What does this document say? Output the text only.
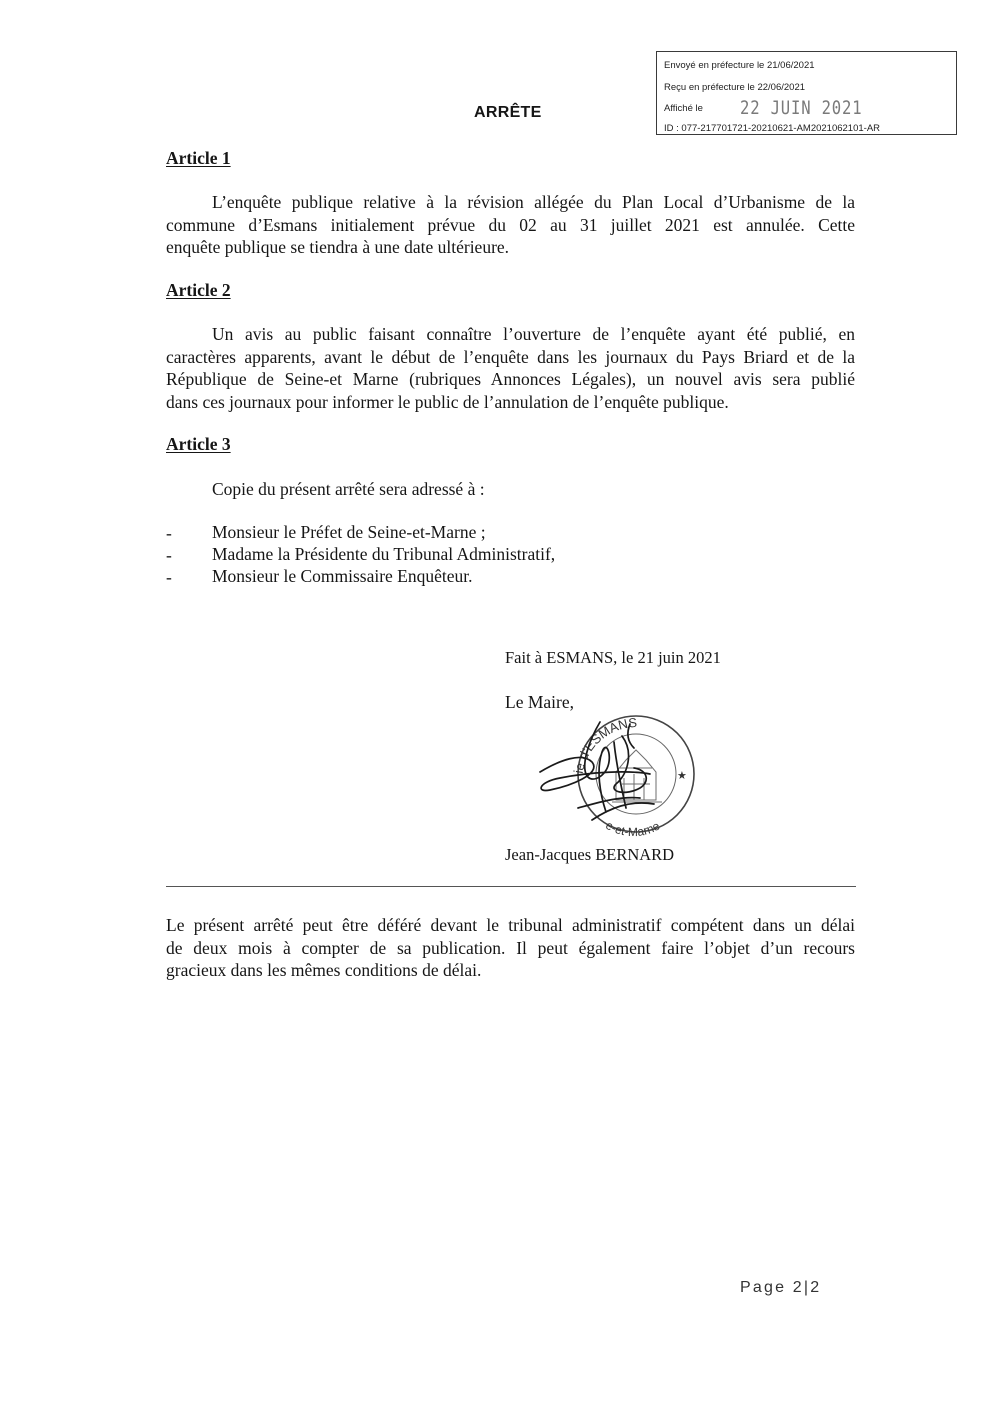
Envoyé en préfecture le 21/06/2021
Reçu en préfecture le 22/06/2021
Affiché le 22 JUIN 2021
ID : 077-217701721-20210621-AM2021062101-AR
ARRÊTE
Article 1
L’enquête publique relative à la révision allégée du Plan Local d’Urbanisme de la
commune d’Esmans initialement prévue du 02 au 31 juillet 2021 est annulée. Cette
enquête publique se tiendra à une date ultérieure.
Article 2
Un avis au public faisant connaître l’ouverture de l’enquête ayant été publié, en
caractères apparents, avant le début de l’enquête dans les journaux du Pays Briard et de la
République de Seine-et Marne (rubriques Annonces Légales), un nouvel avis sera publié
dans ces journaux pour informer le public de l’annulation de l’enquête publique.
Article 3
Copie du présent arrêté sera adressé à :
- Monsieur le Préfet de Seine-et-Marne ;
- Madame la Présidente du Tribunal Administratif,
- Monsieur le Commissaire Enquêteur.
Fait à ESMANS, le 21 juin 2021
Le Maire,
ie d'ESMANS
e-et-Marne
★
Jean-Jacques BERNARD
Le présent arrêté peut être déféré devant le tribunal administratif compétent dans un délai
de deux mois à compter de sa publication. Il peut également faire l’objet d’un recours
gracieux dans les mêmes conditions de délai.
Page 2|2
